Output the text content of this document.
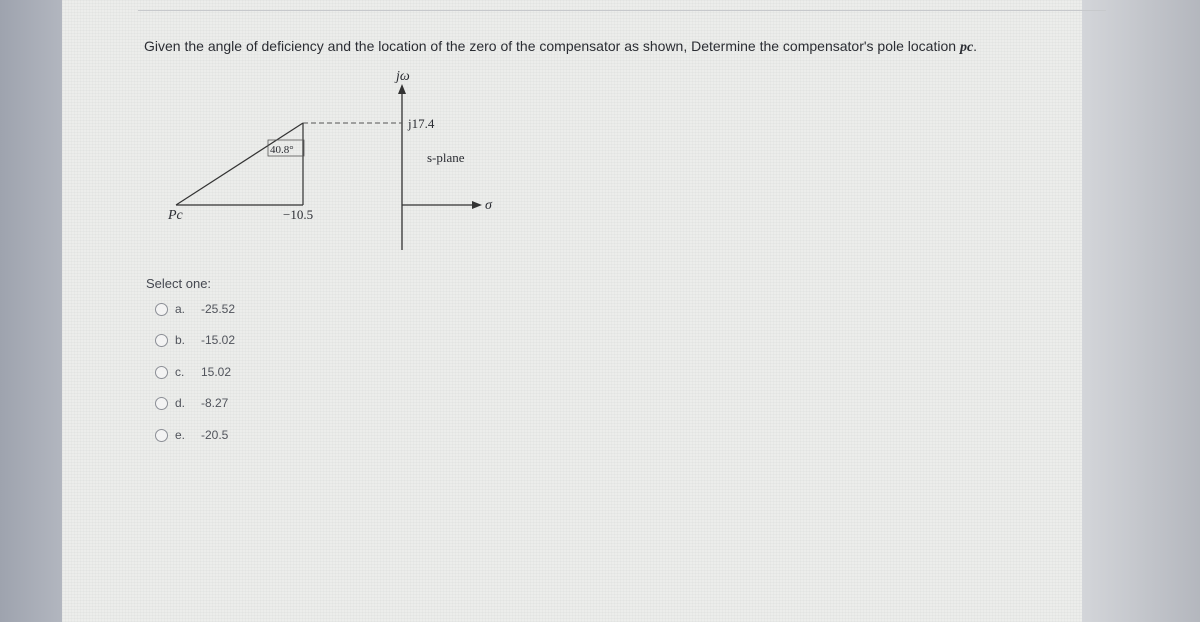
Given the angle of deficiency and the location of the zero of the compensator as shown, Determine the compensator's pole location pc.
jω
σ
j17.4
s-plane
40.8°
−10.5
Pc
Select one:
a.	-25.52
b.	-15.02
c.	15.02
d.	-8.27
e.	-20.5
